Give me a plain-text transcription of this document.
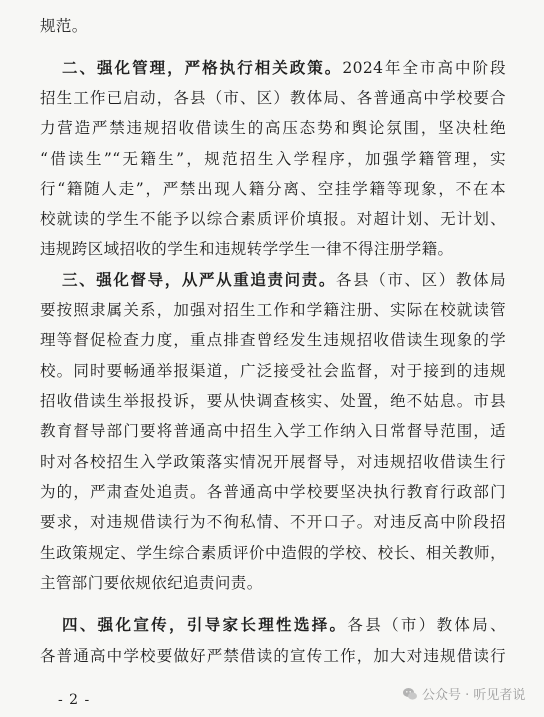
规范。
二、强化管理，严格执行相关政策。2024年全市高中阶段
招生工作已启动，各县（市、区）教体局、各普通高中学校要合
力营造严禁违规招收借读生的高压态势和舆论氛围，坚决杜绝
“借读生”“无籍生”，规范招生入学程序，加强学籍管理，实
行“籍随人走”，严禁出现人籍分离、空挂学籍等现象，不在本
校就读的学生不能予以综合素质评价填报。对超计划、无计划、
违规跨区域招收的学生和违规转学学生一律不得注册学籍。
三、强化督导，从严从重追责问责。各县（市、区）教体局
要按照隶属关系，加强对招生工作和学籍注册、实际在校就读管
理等督促检查力度，重点排查曾经发生违规招收借读生现象的学
校。同时要畅通举报渠道，广泛接受社会监督，对于接到的违规
招收借读生举报投诉，要从快调查核实、处置，绝不姑息。市县
教育督导部门要将普通高中招生入学工作纳入日常督导范围，适
时对各校招生入学政策落实情况开展督导，对违规招收借读生行
为的，严肃查处追责。各普通高中学校要坚决执行教育行政部门
要求，对违规借读行为不徇私情、不开口子。对违反高中阶段招
生政策规定、学生综合素质评价中造假的学校、校长、相关教师，
主管部门要依规依纪追责问责。
四、强化宣传，引导家长理性选择。各县（市）教体局、
各普通高中学校要做好严禁借读的宣传工作，加大对违规借读行
- 2 -	公众号 · 听见者说
